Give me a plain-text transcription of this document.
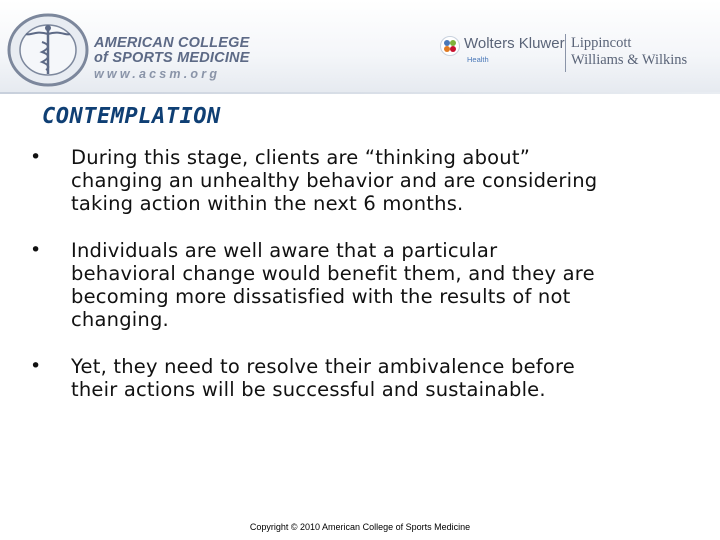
AMERICAN COLLEGE
of SPORTS MEDICINE
www.acsm.org
Wolters Kluwer
Health
Lippincott
Williams & Wilkins
CONTEMPLATION
• During this stage, clients are “thinking about”
changing an unhealthy behavior and are considering
taking action within the next 6 months.
• Individuals are well aware that a particular
behavioral change would benefit them, and they are
becoming more dissatisfied with the results of not
changing.
• Yet, they need to resolve their ambivalence before
their actions will be successful and sustainable.
Copyright © 2010 American College of Sports Medicine
